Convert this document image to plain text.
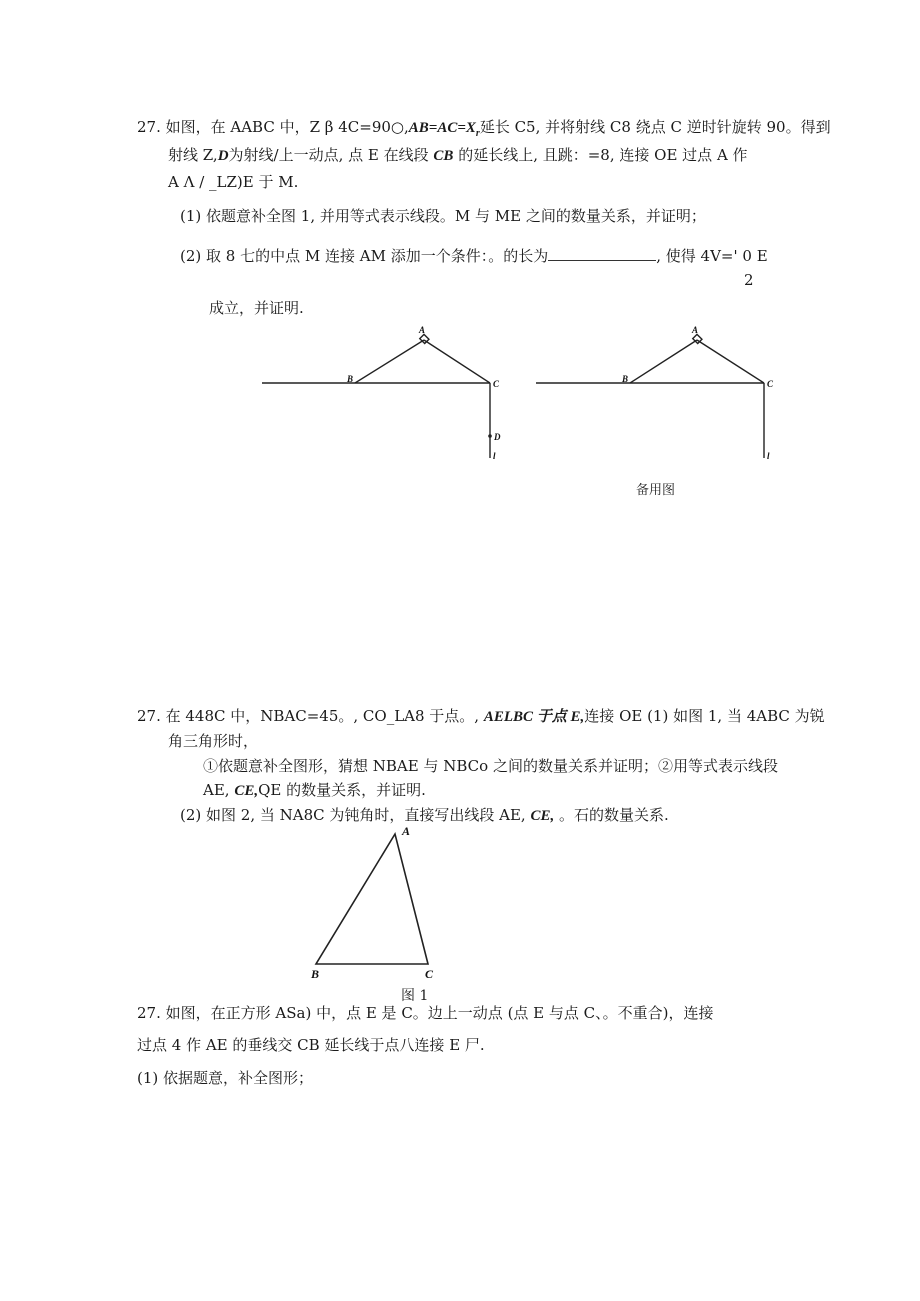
27. 如图，在 AABC 中，Z β $4C=90○,AB=AC=X_r$延长 C5, 并将射线 C8 绕点 C 逆时针旋转 90。得到
射线 Z,D为射线/上一动点, 点 E 在线段 CB 的延长线上, 且跳：=8, 连接 OE 过点 A 作
A Λ / _LZ)E 于 M.
(1) 依题意补全图 1, 并用等式表示线段。M 与 ME 之间的数量关系，并证明；
(2) 取 8 七的中点 M 连接 AM 添加一个条件：。的长为	, 使得 4V=' 0 E
2
成立，并证明.
27. 在 448C 中，NBAC=45。, CO_LA8 于点。, AELBC 于点 E,连接 OE (1) 如图 1, 当 4ABC 为锐
角三角形时，
①依题意补全图形，猜想 NBAE 与 NBCo 之间的数量关系并证明；②用等式表示线段
AE, CE,QE 的数量关系，并证明.
(2) 如图 2, 当 NA8C 为钝角时，直接写出线段 AE, CE, 。石的数量关系.
27. 如图，在正方形 ASa) 中，点 E 是 C。边上一动点 (点 E 与点 C、。不重合)，连接
过点 4 作 AE 的垂线交 CB 延长线于点八连接 E 尸.
(1) 依据题意，补全图形；
A
B	C
D
l
A
B	C
l
备用图
A
B	C
图 1
